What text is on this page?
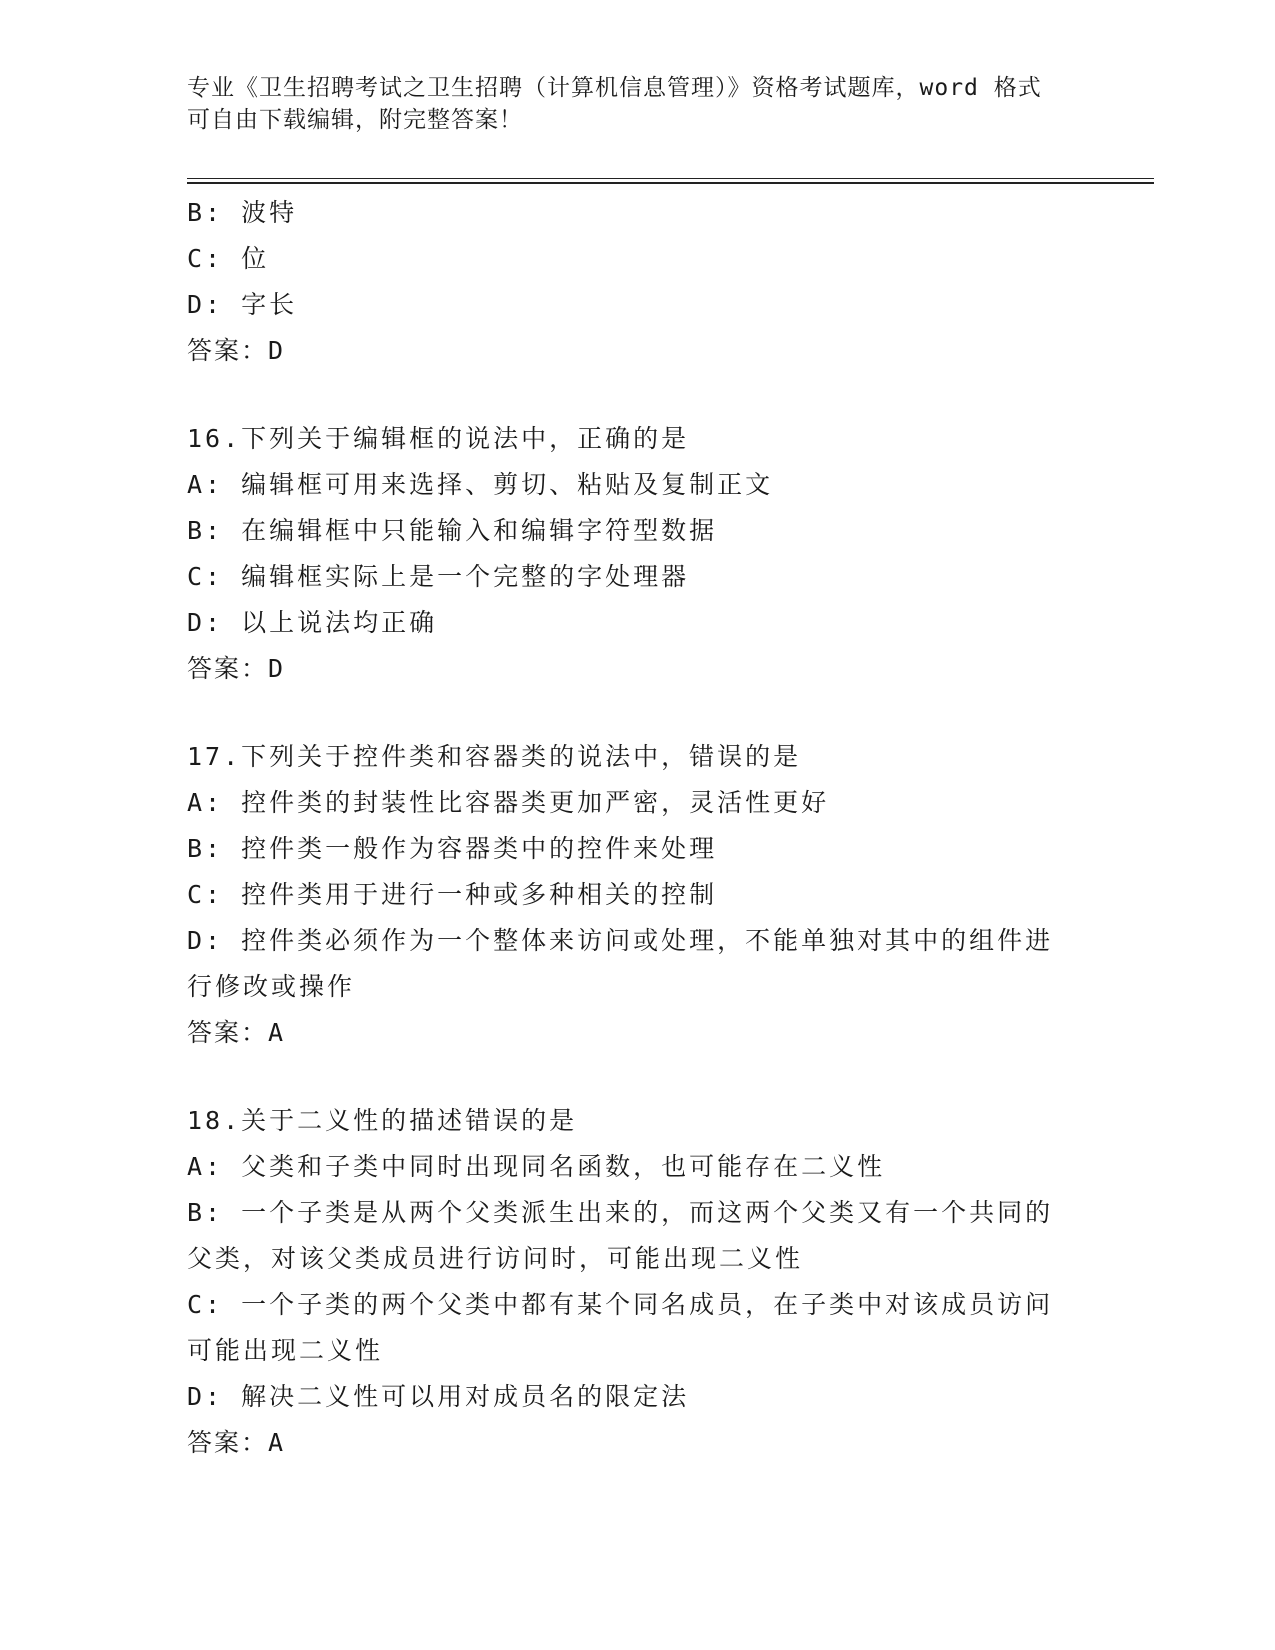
专业《卫生招聘考试之卫生招聘（计算机信息管理）》资格考试题库，word 格式
可自由下载编辑，附完整答案！

B: 波特

C: 位

D: 字长

答案：D

16.下列关于编辑框的说法中，正确的是

A: 编辑框可用来选择、剪切、粘贴及复制正文

B: 在编辑框中只能输入和编辑字符型数据

C: 编辑框实际上是一个完整的字处理器

D: 以上说法均正确

答案：D

17.下列关于控件类和容器类的说法中，错误的是

A: 控件类的封装性比容器类更加严密，灵活性更好

B: 控件类一般作为容器类中的控件来处理

C: 控件类用于进行一种或多种相关的控制

D: 控件类必须作为一个整体来访问或处理，不能单独对其中的组件进

行修改或操作

答案：A

18.关于二义性的描述错误的是

A: 父类和子类中同时出现同名函数，也可能存在二义性

B: 一个子类是从两个父类派生出来的，而这两个父类又有一个共同的

父类，对该父类成员进行访问时，可能出现二义性

C: 一个子类的两个父类中都有某个同名成员，在子类中对该成员访问

可能出现二义性

D: 解决二义性可以用对成员名的限定法

答案：A
